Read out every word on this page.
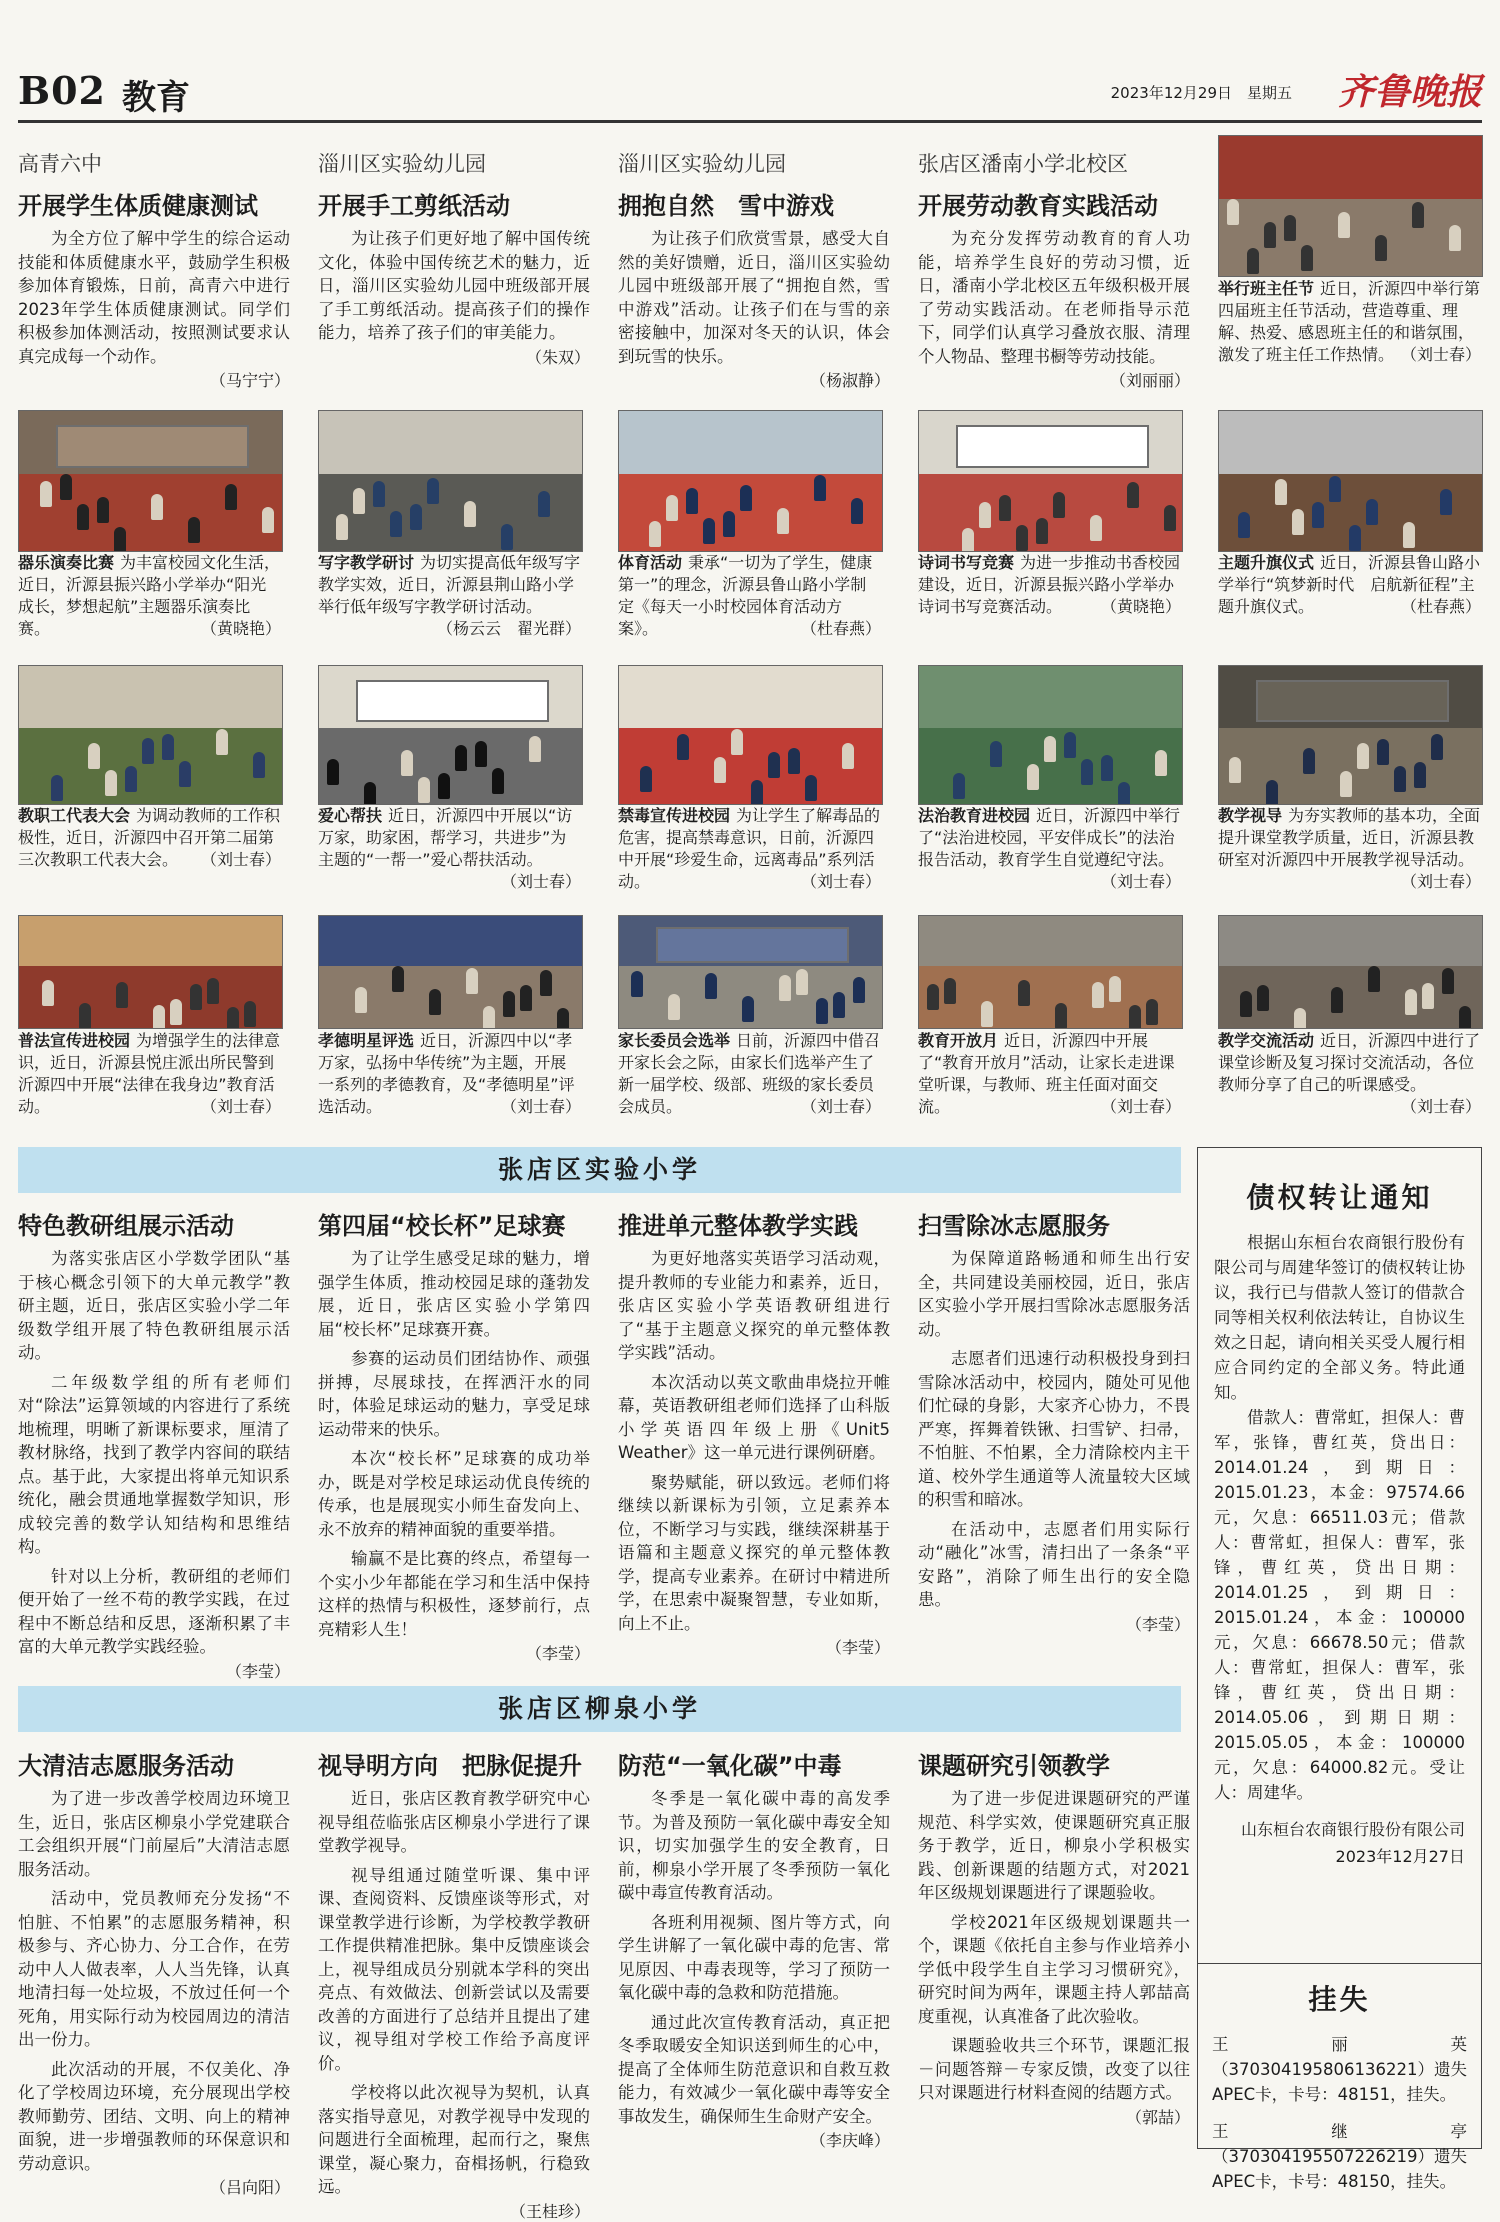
B02 教育	2023年12月29日　星期五 齐鲁晚报
高青六中
开展学生体质健康测试

为全方位了解中学生的综合运动技能和体质健康水平，鼓励学生积极参加体育锻炼，日前，高青六中进行2023年学生体质健康测试。同学们积极参加体测活动，按照测试要求认真完成每一个动作。

（马宁宁）
淄川区实验幼儿园
开展手工剪纸活动

为让孩子们更好地了解中国传统文化，体验中国传统艺术的魅力，近日，淄川区实验幼儿园中班级部开展了手工剪纸活动。提高孩子们的操作能力，培养了孩子们的审美能力。

（朱双）
淄川区实验幼儿园
拥抱自然　雪中游戏

为让孩子们欣赏雪景，感受大自然的美好馈赠，近日，淄川区实验幼儿园中班级部开展了“拥抱自然，雪中游戏”活动。让孩子们在与雪的亲密接触中，加深对冬天的认识，体会到玩雪的快乐。

（杨淑静）
张店区潘南小学北校区
开展劳动教育实践活动

为充分发挥劳动教育的育人功能，培养学生良好的劳动习惯，近日，潘南小学北校区五年级积极开展了劳动实践活动。在老师指导示范下，同学们认真学习叠放衣服、清理个人物品、整理书橱等劳动技能。

（刘丽丽）
举行班主任节 近日，沂源四中举行第四届班主任节活动，营造尊重、理解、热爱、感恩班主任的和谐氛围，激发了班主任工作热情。 （刘士春）
器乐演奏比赛 为丰富校园文化生活，近日，沂源县振兴路小学举办“阳光成长，梦想起航”主题器乐演奏比赛。	（黄晓艳）
写字教学研讨 为切实提高低年级写字教学实效，近日，沂源县荆山路小学举行低年级写字教学研讨活动。
（杨云云　翟光群）
体育活动 秉承“一切为了学生，健康第一”的理念，沂源县鲁山路小学制定《每天一小时校园体育活动方案》。	（杜春燕）
诗词书写竞赛 为进一步推动书香校园建设，近日，沂源县振兴路小学举办诗词书写竞赛活动。 （黄晓艳）
主题升旗仪式 近日，沂源县鲁山路小学举行“筑梦新时代　启航新征程”主题升旗仪式。	（杜春燕）
教职工代表大会 为调动教师的工作积极性，近日，沂源四中召开第二届第三次教职工代表大会。 （刘士春）
爱心帮扶 近日，沂源四中开展以“访万家，助家困，帮学习，共进步”为主题的“一帮一”爱心帮扶活动。
（刘士春）
禁毒宣传进校园 为让学生了解毒品的危害，提高禁毒意识，日前，沂源四中开展“珍爱生命，远离毒品”系列活动。	（刘士春）
法治教育进校园 近日，沂源四中举行了“法治进校园，平安伴成长”的法治报告活动，教育学生自觉遵纪守法。
（刘士春）
教学视导 为夯实教师的基本功，全面提升课堂教学质量，近日，沂源县教研室对沂源四中开展教学视导活动。
（刘士春）
普法宣传进校园 为增强学生的法律意识，近日，沂源县悦庄派出所民警到沂源四中开展“法律在我身边”教育活动。	（刘士春）
孝德明星评选 近日，沂源四中以“孝万家，弘扬中华传统”为主题，开展一系列的孝德教育，及“孝德明星”评选活动。	（刘士春）
家长委员会选举 日前，沂源四中借召开家长会之际，由家长们选举产生了新一届学校、级部、班级的家长委员会成员。	（刘士春）
教育开放月 近日，沂源四中开展了“教育开放月”活动，让家长走进课堂听课，与教师、班主任面对面交流。	（刘士春）
教学交流活动 近日，沂源四中进行了课堂诊断及复习探讨交流活动，各位教师分享了自己的听课感受。
（刘士春）
张店区实验小学
特色教研组展示活动

为落实张店区小学数学团队“基于核心概念引领下的大单元教学”教研主题，近日，张店区实验小学二年级数学组开展了特色教研组展示活动。

二年级数学组的所有老师们对“除法”运算领域的内容进行了系统地梳理，明晰了新课标要求，厘清了教材脉络，找到了教学内容间的联结点。基于此，大家提出将单元知识系统化，融会贯通地掌握数学知识，形成较完善的数学认知结构和思维结构。

针对以上分析，教研组的老师们便开始了一丝不苟的教学实践，在过程中不断总结和反思，逐渐积累了丰富的大单元教学实践经验。

（李莹）
第四届“校长杯”足球赛

为了让学生感受足球的魅力，增强学生体质，推动校园足球的蓬勃发展，近日，张店区实验小学第四届“校长杯”足球赛开赛。

参赛的运动员们团结协作、顽强拼搏，尽展球技，在挥洒汗水的同时，体验足球运动的魅力，享受足球运动带来的快乐。

本次“校长杯”足球赛的成功举办，既是对学校足球运动优良传统的传承，也是展现实小师生奋发向上、永不放弃的精神面貌的重要举措。

输赢不是比赛的终点，希望每一个实小少年都能在学习和生活中保持这样的热情与积极性，逐梦前行，点亮精彩人生！

（李莹）
推进单元整体教学实践

为更好地落实英语学习活动观，提升教师的专业能力和素养，近日，张店区实验小学英语教研组进行了“基于主题意义探究的单元整体教学实践”活动。

本次活动以英文歌曲串烧拉开帷幕，英语教研组老师们选择了山科版小学英语四年级上册《Unit5　Weather》这一单元进行课例研磨。

聚势赋能，研以致远。老师们将继续以新课标为引领，立足素养本位，不断学习与实践，继续深耕基于语篇和主题意义探究的单元整体教学，提高专业素养。在研讨中精进所学，在思索中凝聚智慧，专业如斯，向上不止。

（李莹）
扫雪除冰志愿服务

为保障道路畅通和师生出行安全，共同建设美丽校园，近日，张店区实验小学开展扫雪除冰志愿服务活动。

志愿者们迅速行动积极投身到扫雪除冰活动中，校园内，随处可见他们忙碌的身影，大家齐心协力，不畏严寒，挥舞着铁锹、扫雪铲、扫帚，不怕脏、不怕累，全力清除校内主干道、校外学生通道等人流量较大区域的积雪和暗冰。

在活动中，志愿者们用实际行动“融化”冰雪，清扫出了一条条“平安路”，消除了师生出行的安全隐患。

（李莹）
张店区柳泉小学
大清洁志愿服务活动

为了进一步改善学校周边环境卫生，近日，张店区柳泉小学党建联合工会组织开展“门前屋后”大清洁志愿服务活动。

活动中，党员教师充分发扬“不怕脏、不怕累”的志愿服务精神，积极参与、齐心协力、分工合作，在劳动中人人做表率，人人当先锋，认真地清扫每一处垃圾，不放过任何一个死角，用实际行动为校园周边的清洁出一份力。

此次活动的开展，不仅美化、净化了学校周边环境，充分展现出学校教师勤劳、团结、文明、向上的精神面貌，进一步增强教师的环保意识和劳动意识。

（吕向阳）
视导明方向　把脉促提升

近日，张店区教育教学研究中心视导组莅临张店区柳泉小学进行了课堂教学视导。

视导组通过随堂听课、集中评课、查阅资料、反馈座谈等形式，对课堂教学进行诊断，为学校教学教研工作提供精准把脉。集中反馈座谈会上，视导组成员分别就本学科的突出亮点、有效做法、创新尝试以及需要改善的方面进行了总结并且提出了建议，视导组对学校工作给予高度评价。

学校将以此次视导为契机，认真落实指导意见，对教学视导中发现的问题进行全面梳理，起而行之，聚焦课堂，凝心聚力，奋楫扬帆，行稳致远。

（王桂珍）
防范“一氧化碳”中毒

冬季是一氧化碳中毒的高发季节。为普及预防一氧化碳中毒安全知识，切实加强学生的安全教育，日前，柳泉小学开展了冬季预防一氧化碳中毒宣传教育活动。

各班利用视频、图片等方式，向学生讲解了一氧化碳中毒的危害、常见原因、中毒表现等，学习了预防一氧化碳中毒的急救和防范措施。

通过此次宣传教育活动，真正把冬季取暖安全知识送到师生的心中，提高了全体师生防范意识和自救互救能力，有效减少一氧化碳中毒等安全事故发生，确保师生生命财产安全。

（李庆峰）
课题研究引领教学

为了进一步促进课题研究的严谨规范、科学实效，使课题研究真正服务于教学，近日，柳泉小学积极实践、创新课题的结题方式，对2021年区级规划课题进行了课题验收。

学校2021年区级规划课题共一个，课题《依托自主参与作业培养小学低中段学生自主学习习惯研究》，研究时间为两年，课题主持人郭喆高度重视，认真准备了此次验收。

课题验收共三个环节，课题汇报－问题答辩－专家反馈，改变了以往只对课题进行材料查阅的结题方式。

（郭喆）
债权转让通知

根据山东桓台农商银行股份有限公司与周建华签订的债权转让协议，我行已与借款人签订的借款合同等相关权利依法转让，自协议生效之日起，请向相关买受人履行相应合同约定的全部义务。特此通知。

借款人：曹常虹，担保人：曹军，张锋，曹红英，贷出日：2014.01.24，到期日：2015.01.23，本金：97574.66元，欠息：66511.03元；借款人：曹常虹，担保人：曹军，张锋，曹红英，贷出日期：2014.01.25，到期日：2015.01.24，本金：100000元，欠息：66678.50元；借款人：曹常虹，担保人：曹军，张锋，曹红英，贷出日期：2014.05.06，到期日期：2015.05.05，本金：100000元，欠息：64000.82元。受让人：周建华。

山东桓台农商银行股份有限公司
2023年12月27日
挂失

王丽英（370304195806136221）遗失APEC卡，卡号：48151，挂失。

王继亭（370304195507226219）遗失APEC卡，卡号：48150，挂失。
